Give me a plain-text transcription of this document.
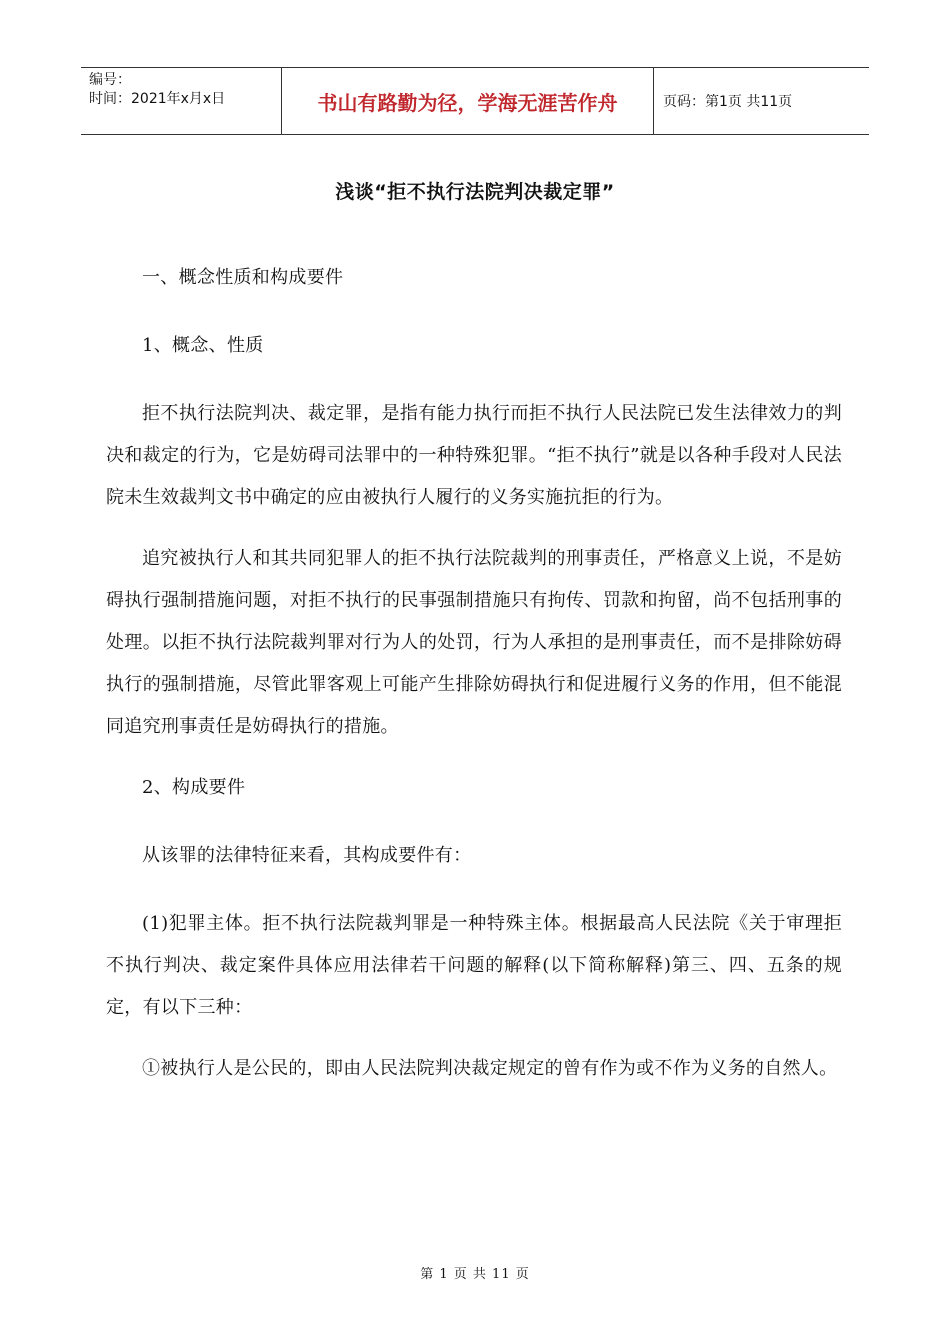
编号：
时间：2021年x月x日	书山有路勤为径，学海无涯苦作舟	页码：第1页 共11页
浅谈“拒不执行法院判决裁定罪”

一、概念性质和构成要件

1、概念、性质

拒不执行法院判决、裁定罪，是指有能力执行而拒不执行人民法院已发生法律效力的判决和裁定的行为，它是妨碍司法罪中的一种特殊犯罪。“拒不执行”就是以各种手段对人民法院未生效裁判文书中确定的应由被执行人履行的义务实施抗拒的行为。

追究被执行人和其共同犯罪人的拒不执行法院裁判的刑事责任，严格意义上说，不是妨碍执行强制措施问题，对拒不执行的民事强制措施只有拘传、罚款和拘留，尚不包括刑事的处理。以拒不执行法院裁判罪对行为人的处罚，行为人承担的是刑事责任，而不是排除妨碍执行的强制措施，尽管此罪客观上可能产生排除妨碍执行和促进履行义务的作用，但不能混同追究刑事责任是妨碍执行的措施。

2、构成要件

从该罪的法律特征来看，其构成要件有：

(1)犯罪主体。拒不执行法院裁判罪是一种特殊主体。根据最高人民法院《关于审理拒不执行判决、裁定案件具体应用法律若干问题的解释(以下简称解释)第三、四、五条的规定，有以下三种：

①被执行人是公民的，即由人民法院判决裁定规定的曾有作为或不作为义务的自然人。

第 1 页 共 11 页
